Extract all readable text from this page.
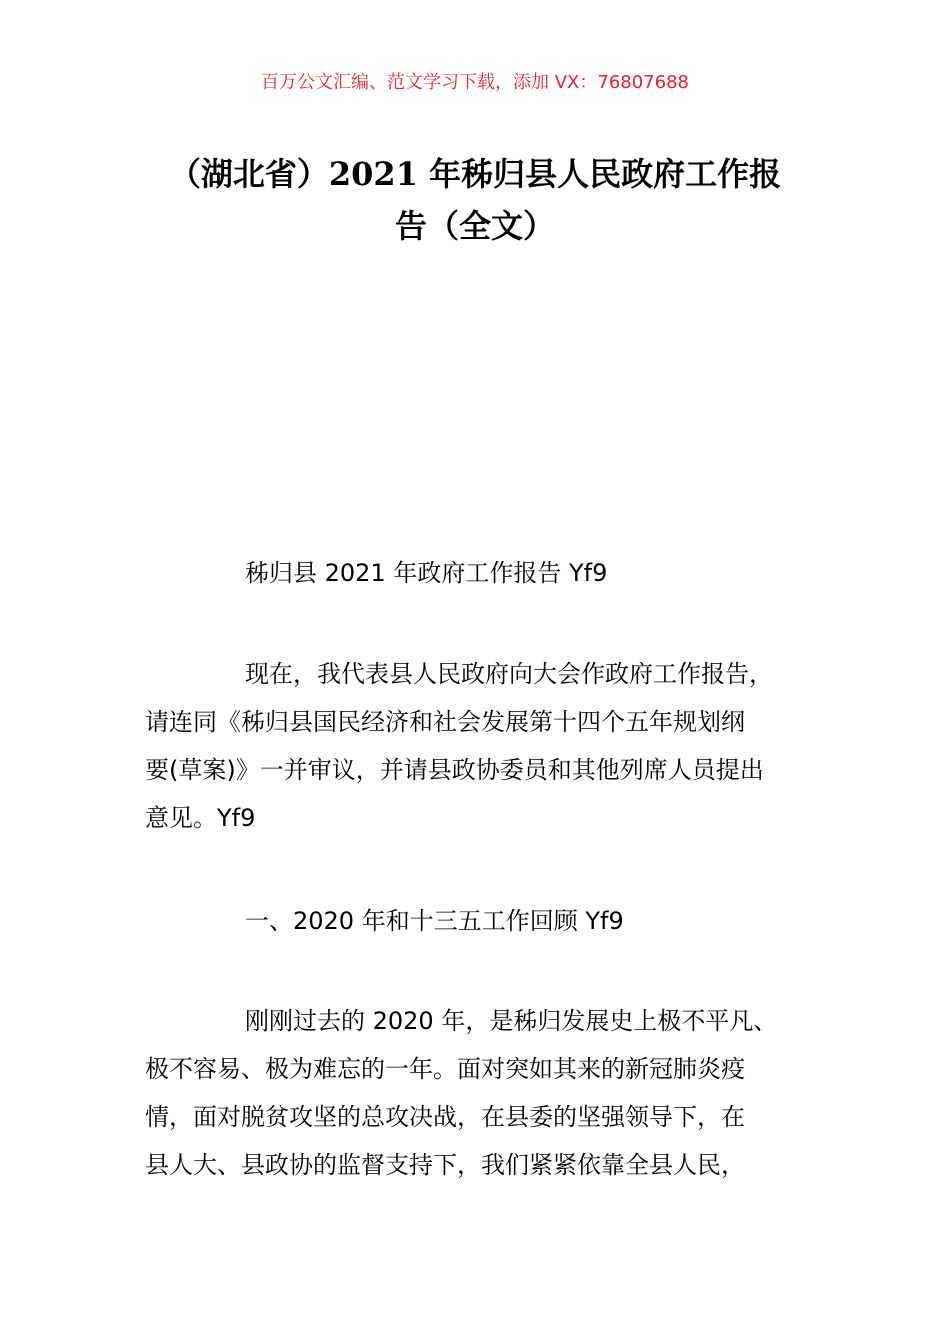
百万公文汇编、范文学习下载，添加 VX：76807688
（湖北省）2021 年秭归县人民政府工作报
告（全文）
秭归县 2021 年政府工作报告 Yf9
现在，我代表县人民政府向大会作政府工作报告，
请连同《秭归县国民经济和社会发展第十四个五年规划纲
要(草案)》一并审议，并请县政协委员和其他列席人员提出
意见。Yf9
一、2020 年和十三五工作回顾 Yf9
刚刚过去的 2020 年，是秭归发展史上极不平凡、
极不容易、极为难忘的一年。面对突如其来的新冠肺炎疫
情，面对脱贫攻坚的总攻决战，在县委的坚强领导下，在
县人大、县政协的监督支持下，我们紧紧依靠全县人民，
